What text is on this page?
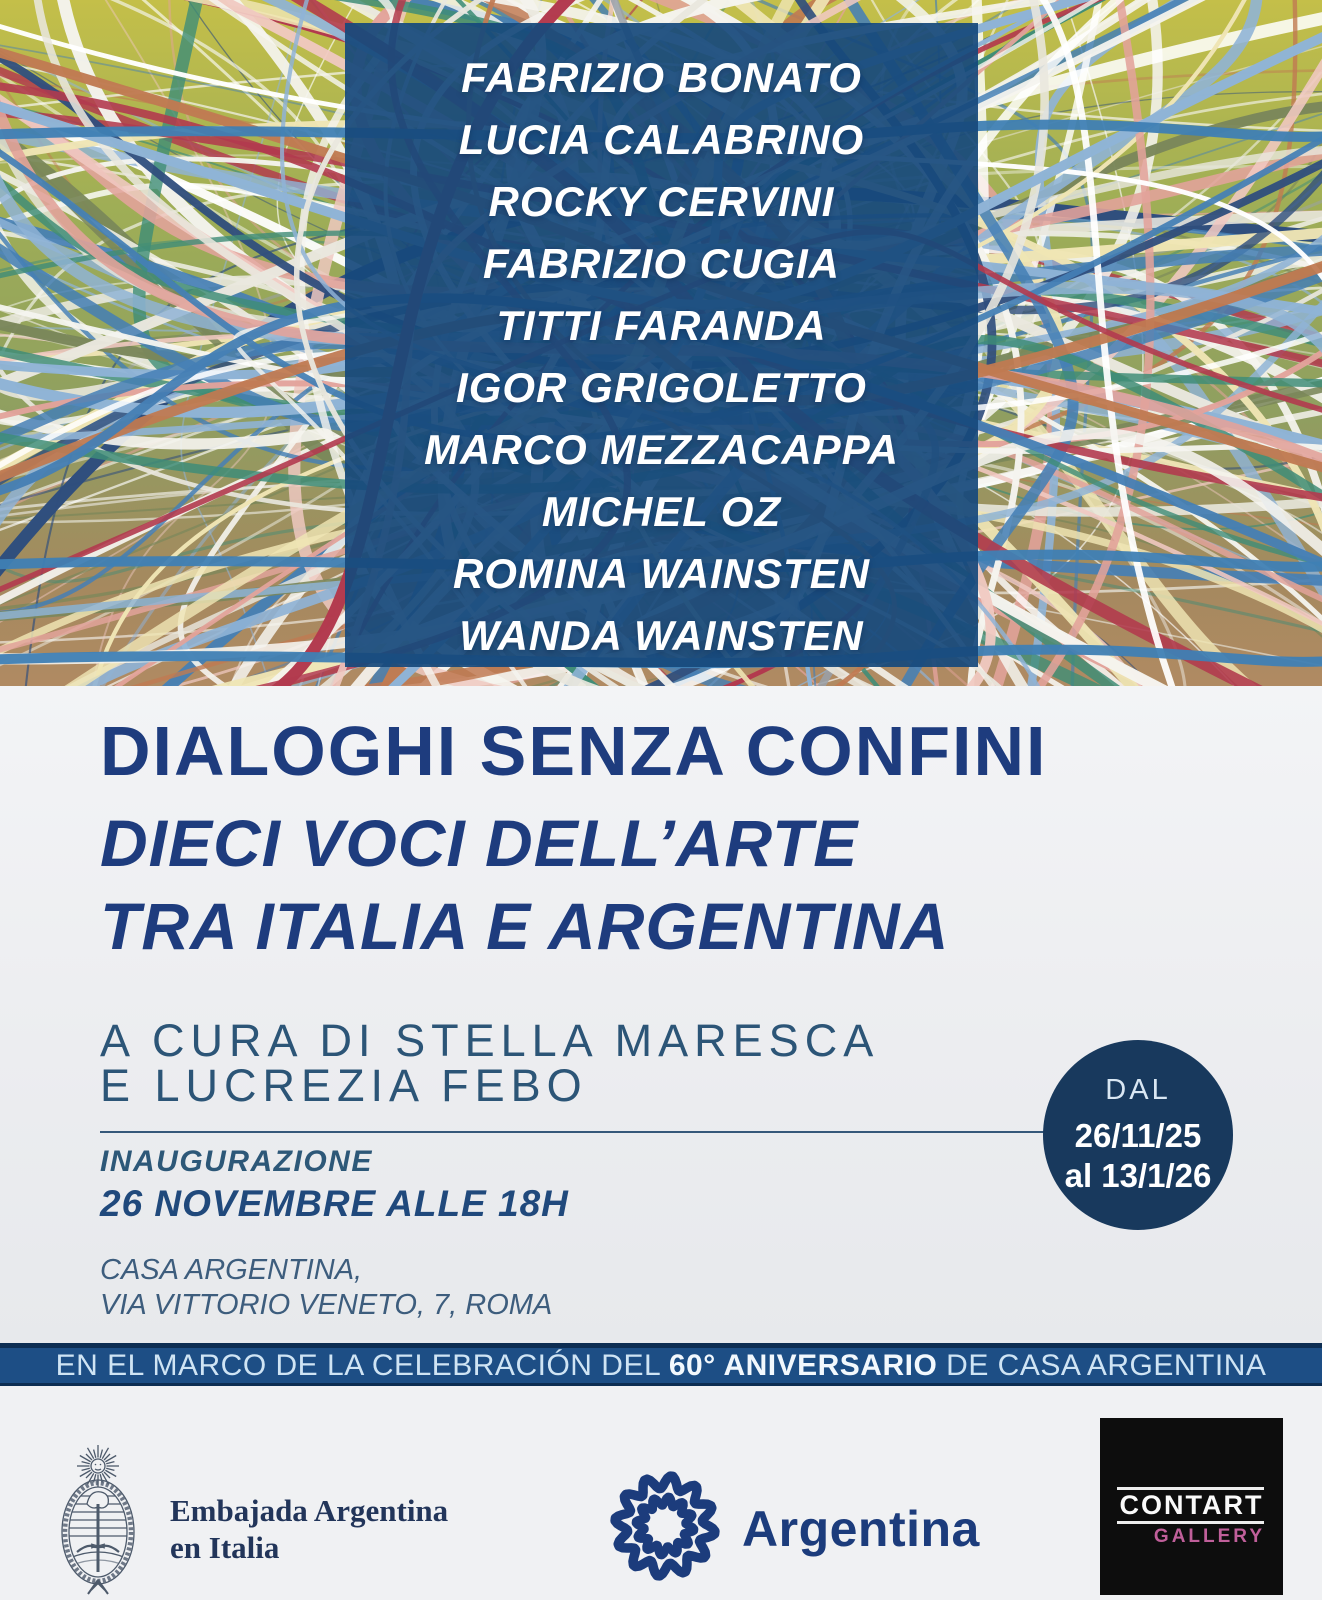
FABRIZIO BONATO
LUCIA CALABRINO
ROCKY CERVINI
FABRIZIO CUGIA
TITTI FARANDA
IGOR GRIGOLETTO
MARCO MEZZACAPPA
MICHEL OZ
ROMINA WAINSTEN
WANDA WAINSTEN
DIALOGHI SENZA CONFINI
DIECI VOCI DELL’ARTE
TRA ITALIA E ARGENTINA
A CURA DI STELLA MARESCA
E LUCREZIA FEBO
INAUGURAZIONE
26 NOVEMBRE ALLE 18H
CASA ARGENTINA,
VIA VITTORIO VENETO, 7, ROMA
DAL
26/11/25
al 13/1/26
EN EL MARCO DE LA CELEBRACIÓN DEL 60° ANIVERSARIO DE CASA ARGENTINA
Embajada Argentina
en Italia	Argentina	CONTART
GALLERY
